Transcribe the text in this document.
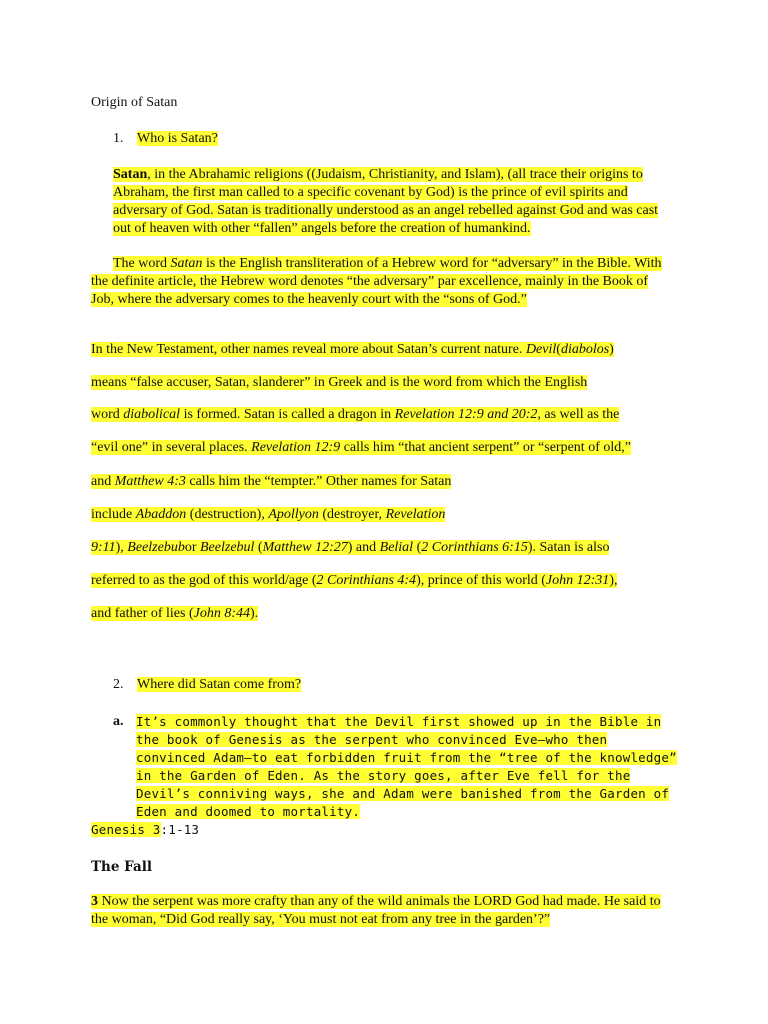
Origin of Satan
1. Who is Satan?

Satan, in the Abrahamic religions ((Judaism, Christianity, and Islam), (all trace their origins to Abraham, the first man called to a specific covenant by God) is the prince of evil spirits and adversary of God. Satan is traditionally understood as an angel rebelled against God and was cast out of heaven with other “fallen” angels before the creation of humankind.

The word Satan is the English transliteration of a Hebrew word for “adversary” in the Bible. With the definite article, the Hebrew word denotes “the adversary” par excellence, mainly in the Book of Job, where the adversary comes to the heavenly court with the “sons of God.”

In the New Testament, other names reveal more about Satan’s current nature. Devil(diabolos)
means “false accuser, Satan, slanderer” in Greek and is the word from which the English
word diabolical is formed. Satan is called a dragon in Revelation 12:9 and 20:2, as well as the
“evil one” in several places. Revelation 12:9 calls him “that ancient serpent” or “serpent of old,”
and Matthew 4:3 calls him the “tempter.” Other names for Satan
include Abaddon (destruction), Apollyon (destroyer, Revelation
9:11), Beelzebubor Beelzebul (Matthew 12:27) and Belial (2 Corinthians 6:15). Satan is also
referred to as the god of this world/age (2 Corinthians 4:4), prince of this world (John 12:31),
and father of lies (John 8:44).
2. Where did Satan come from?
a. It’s commonly thought that the Devil first showed up in the Bible in the book of Genesis as the serpent who convinced Eve—who then convinced Adam—to eat forbidden fruit from the “tree of the knowledge” in the Garden of Eden. As the story goes, after Eve fell for the Devil’s conniving ways, she and Adam were banished from the Garden of Eden and doomed to mortality.

Genesis 3:1-13
The Fall

3 Now the serpent was more crafty than any of the wild animals the LORD God had made. He said to the woman, “Did God really say, ‘You must not eat from any tree in the garden’?”
